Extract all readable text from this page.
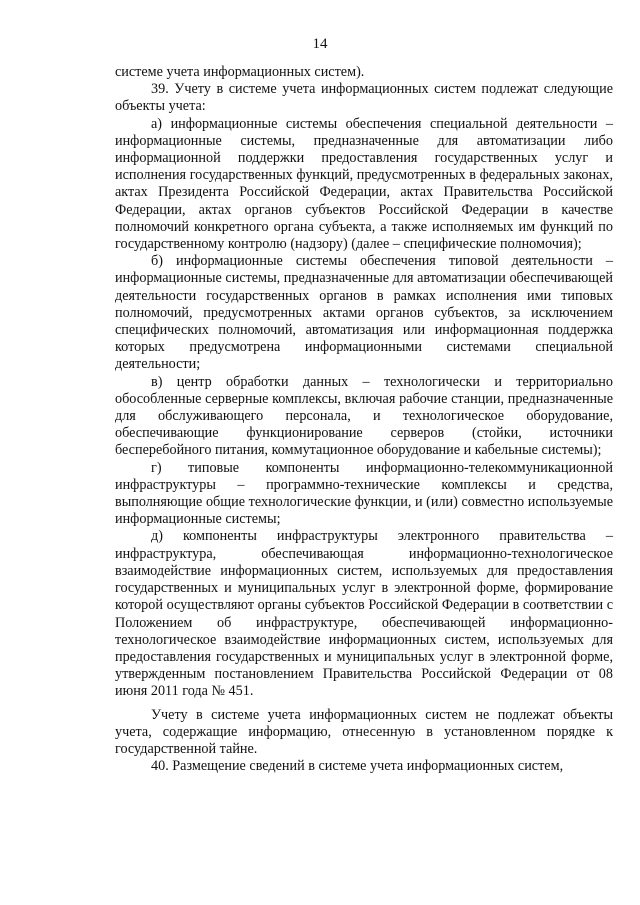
14

системе учета информационных систем).

39. Учету в системе учета информационных систем подлежат следующие объекты учета:

а) информационные системы обеспечения специальной деятельности – информационные системы, предназначенные для автоматизации либо информационной поддержки предоставления государственных услуг и исполнения государственных функций, предусмотренных в федеральных законах, актах Президента Российской Федерации, актах Правительства Российской Федерации, актах органов субъектов Российской Федерации в качестве полномочий конкретного органа субъекта, а также исполняемых им функций по государственному контролю (надзору) (далее – специфические полномочия);

б) информационные системы обеспечения типовой деятельности – информационные системы, предназначенные для автоматизации обеспечивающей деятельности государственных органов в рамках исполнения ими типовых полномочий, предусмотренных актами органов субъектов, за исключением специфических полномочий, автоматизация или информационная поддержка которых предусмотрена информационными системами специальной деятельности;

в) центр обработки данных – технологически и территориально обособленные серверные комплексы, включая рабочие станции, предназначенные для обслуживающего персонала, и технологическое оборудование, обеспечивающие функционирование серверов (стойки, источники бесперебойного питания, коммутационное оборудование и кабельные системы);

г) типовые компоненты информационно-телекоммуникационной инфраструктуры – программно-технические комплексы и средства, выполняющие общие технологические функции, и (или) совместно используемые информационные системы;

д) компоненты инфраструктуры электронного правительства – инфраструктура, обеспечивающая информационно-технологическое взаимодействие информационных систем, используемых для предоставления государственных и муниципальных услуг в электронной форме, формирование которой осуществляют органы субъектов Российской Федерации в соответствии с Положением об инфраструктуре, обеспечивающей информационно-технологическое взаимодействие информационных систем, используемых для предоставления государственных и муниципальных услуг в электронной форме, утвержденным постановлением Правительства Российской Федерации от 08 июня 2011 года № 451.

Учету в системе учета информационных систем не подлежат объекты учета, содержащие информацию, отнесенную в установленном порядке к государственной тайне.

40. Размещение сведений в системе учета информационных систем,
